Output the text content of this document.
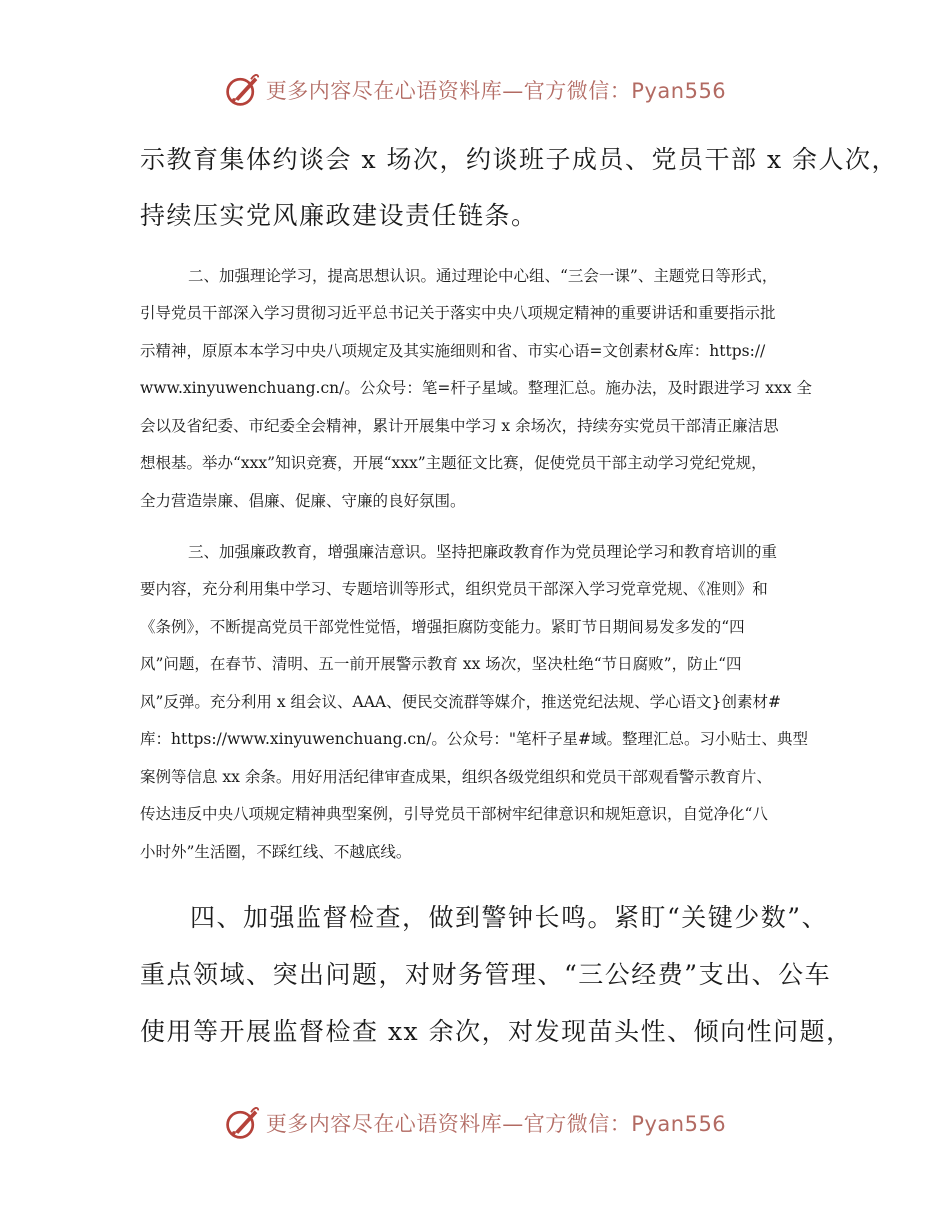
更多内容尽在心语资料库—官方微信：Pyan556

示教育集体约谈会 x 场次，约谈班子成员、党员干部 x 余人次，

持续压实党风廉政建设责任链条。

二、加强理论学习，提高思想认识。通过理论中心组、“三会一课”、主题党日等形式，

引导党员干部深入学习贯彻习近平总书记关于落实中央八项规定精神的重要讲话和重要指示批

示精神，原原本本学习中央八项规定及其实施细则和省、市实心语=文创素材&库：https://

www.xinyuwenchuang.cn/。公众号：笔=杆子星域。整理汇总。施办法，及时跟进学习 xxx 全

会以及省纪委、市纪委全会精神，累计开展集中学习 x 余场次，持续夯实党员干部清正廉洁思

想根基。举办“xxx”知识竞赛，开展“xxx”主题征文比赛，促使党员干部主动学习党纪党规，

全力营造崇廉、倡廉、促廉、守廉的良好氛围。

三、加强廉政教育，增强廉洁意识。坚持把廉政教育作为党员理论学习和教育培训的重

要内容，充分利用集中学习、专题培训等形式，组织党员干部深入学习党章党规、《准则》和

《条例》，不断提高党员干部党性觉悟，增强拒腐防变能力。紧盯节日期间易发多发的“四

风”问题，在春节、清明、五一前开展警示教育 xx 场次，坚决杜绝“节日腐败”，防止“四

风”反弹。充分利用 x 组会议、AAA、便民交流群等媒介，推送党纪法规、学心语文}创素材#

库：https://www.xinyuwenchuang.cn/。公众号："笔杆子星#域。整理汇总。习小贴士、典型

案例等信息 xx 余条。用好用活纪律审查成果，组织各级党组织和党员干部观看警示教育片、

传达违反中央八项规定精神典型案例，引导党员干部树牢纪律意识和规矩意识，自觉净化“八

小时外”生活圈，不踩红线、不越底线。

四、加强监督检查，做到警钟长鸣。紧盯“关键少数”、

重点领域、突出问题，对财务管理、“三公经费”支出、公车

使用等开展监督检查 xx 余次，对发现苗头性、倾向性问题，

更多内容尽在心语资料库—官方微信：Pyan556
